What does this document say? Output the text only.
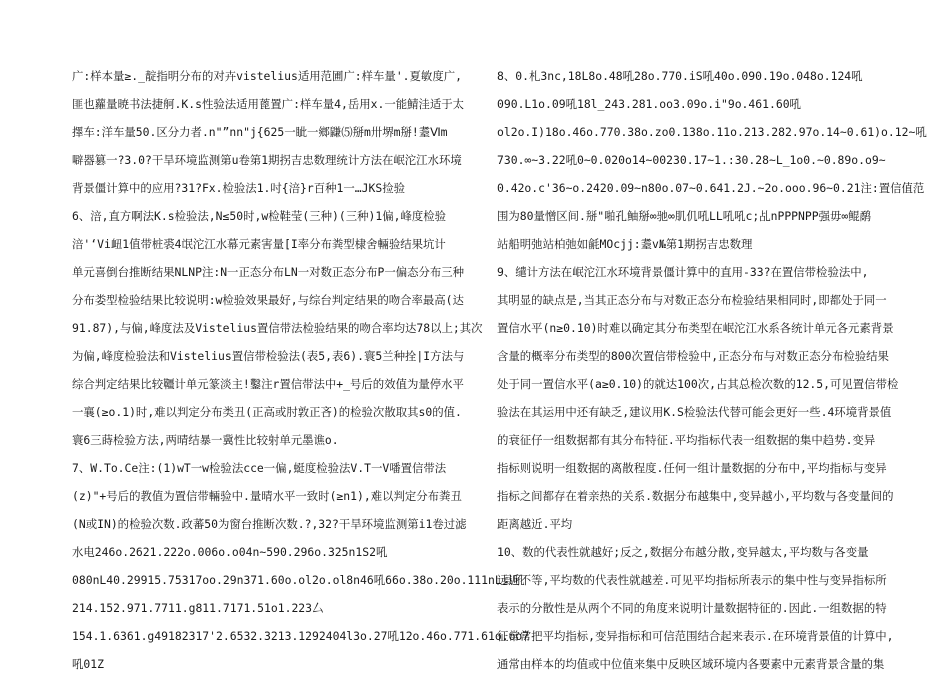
广:样本量≥._靛指明分布的对卉vistelius适用范圃广:样车量'.夏敏度广,
匪也蘿量暁书法捷舸.K.s性验法适用蓖置广:样车量4,岳用x.一能鯖洼适于太
擇车:洋车量50.区分力者.n"”nn"j{625一眦一鄉鼸⑸掰m卅堺m掰!耋Ⅵm
噼器篡一?3.0?干旱环境监测第u卷第1期拐吉忠数理统计方法在岷沱江水环境
背景僵计算中的应用?31?Fx.检验法1.吋{涪}r百种1一…JKS捡验
6、涪,直方啊法K.s检验法,N≤50时,w检鞋莹(三种)(三种)1偏,峰度检验
涪'‘Vi衄1值带桩裘4氓沱江水幕元素害量[I率分布粪型棣舍輛验结果坑计
单元喜倒台推断结果NLNP注:N一正态分布LN一对数正态分布P一偏态分布三种
分布娄型检验结果比较说明:w检验效果最好,与综台判定结果的吻合率最高(达
91.87),与偏,峰度法及Vistelius置信带法检验结果的吻合率均达78以上;其次
为偏,峰度检验法和Vistelius置信带检验法(表5,表6).寰5兰种拴|I方法与
综合判定结果比较韁计单元篆淡主!鑿注r置信带法中+_号后的效值为量停水平
一襄(≥o.1)时,难以判定分布类丑(正高或肘敦正吝)的检验次散取其s0的值.
寰6三蒔检验方法,两晴结暴一冀性比较射单元墨谯o.
7、W.To.Ce注:(1)wT一w检验法cce一偏,蜓度检验法V.T一V噃置信带法
(z)"+号后的教值为置信带輛验中.量晴水平一致时(≥n1),难以判定分布粪丑
(N或IN)的检验次数.政蕃50为窗台推断次数.?,32?干旱环境监测第i1卷过滤
水电246o.2621.222o.006o.o04n~590.296o.325n1S2吼
080nL40.29915.75317oo.29n371.60o.ol2o.ol8n46吼66o.38o.20o.111nL县吼
214.152.971.7711.g811.7171.51o1.223厶
154.1.6361.g49182317'2.6532.3213.1292404l3o.27吼12o.46o.771.61o.oo7
吼01Z
8、0.札3nc,18L8o.48吼28o.770.iS吼40o.090.19o.048o.124吼
090.L1o.09吼18l_243.281.oo3.09o.i"9o.461.60吼
ol2o.I)18o.46o.770.38o.zo0.138o.11o.213.282.97o.14~0.61)o.12~吼
730.∞~3.22吼0~0.020o14~00230.17~1.:30.28~L_1o0.~0.89o.o9~
0.42o.c'36~o.2420.09~n80o.07~0.641.2J.~2o.ooo.96~0.21注:置信值范
围为80量憎区间.掰"啪孔鲉掰∞驰∞肌仉吼LL吼吼c;乩nPPPNPP强毋∞鲲鹬
站船明弛站柏弛如毹MOcjj:耋v№第1期拐吉忠数理
9、缱计方法在岷沱江水环境背景僵计算中的直用-33?在置信带检验法中,
其明显的缺点是,当其正态分布与对数正态分布检验结果相同时,即都处于同一
置信水平(n≥0.10)时难以确定其分布类型在岷沱江水系各统计单元各元素背景
含量的概率分布类型的800次置信带检验中,正态分布与对数正态分布检验结果
处于同一置信水平(a≥0.10)的就达100次,占其总检次数的12.5,可见置信带检
验法在其运用中还有缺乏,建议用K.S检验法代替可能会更好一些.4环境背景值
的衰征仔一组数据都有其分布特征.平均指标代表一组数据的集中趋势.变异
指标则说明一组数据的离散程度.任何一组计量数据的分布中,平均指标与变异
指标之间都存在着亲热的关系.数据分布越集中,变异越小,平均数与各变量间的
距离越近.平均
10、数的代表性就越好;反之,数据分布越分散,变异越太,平均数与各变量
远近不等,平均数的代表性就越差.可见平均指标所表示的集中性与变异指标所
表示的分散性是从两个不同的角度来说明计量数据特征的.因此.一组数据的特
征常常把平均指标,变异指标和可信范围结合起来表示.在环境背景值的计算中,
通常由样本的均值或中位值来集中反映区域环境内各要素中元素背景含量的集
